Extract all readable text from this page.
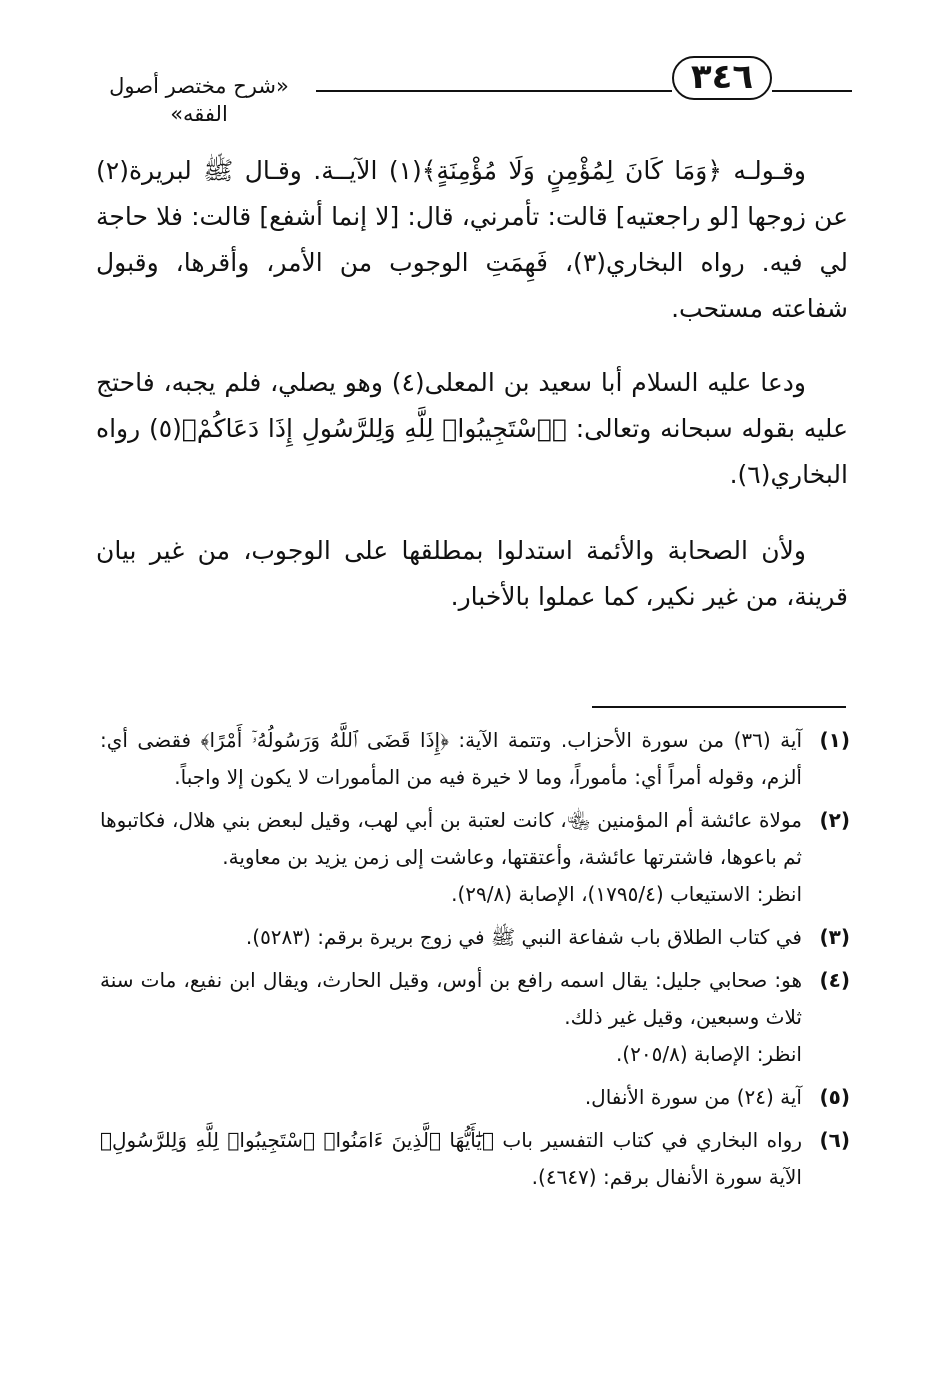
٣٤٦
«شرح مختصر أصول الفقه»

وقـولـه ﴿وَمَا كَانَ لِمُؤْمِنٍ وَلَا مُؤْمِنَةٍ﴾(١) الآيــة. وقـال ﷺ لبريرة(٢) عن زوجها [لو راجعتيه] قالت: تأمرني، قال: [لا إنما أشفع] قالت: فلا حاجة لي فيه. رواه البخاري(٣)، فَهِمَتِ الوجوب من الأمر، وأقرها، وقبول شفاعته مستحب.

ودعا عليه السلام أبا سعيد بن المعلى(٤) وهو يصلي، فلم يجبه، فاحتج عليه بقوله سبحانه وتعالى: ﴿ٱسْتَجِيبُوا۟ لِلَّهِ وَلِلرَّسُولِ إِذَا دَعَاكُمْ﴾(٥) رواه البخاري(٦).

ولأن الصحابة والأئمة استدلوا بمطلقها على الوجوب، من غير بيان قرينة، من غير نكير، كما عملوا بالأخبار.

(١)
آية (٣٦) من سورة الأحزاب. وتتمة الآية: ﴿إِذَا قَضَى ٱللَّهُ وَرَسُولُهُۥٓ أَمْرًا﴾ فقضى أي: ألزم، وقوله أمراً أي: مأموراً، وما لا خيرة فيه من المأمورات لا يكون إلا واجباً.
(٢)
مولاة عائشة أم المؤمنين ﵄، كانت لعتبة بن أبي لهب، وقيل لبعض بني هلال، فكاتبوها ثم باعوها، فاشترتها عائشة، وأعتقتها، وعاشت إلى زمن يزيد بن معاوية.
انظر: الاستيعاب (١٧٩٥/٤)، الإصابة (٢٩/٨).
(٣)
في كتاب الطلاق باب شفاعة النبي ﷺ في زوج بريرة برقم: (٥٢٨٣).
(٤)
هو: صحابي جليل: يقال اسمه رافع بن أوس، وقيل الحارث، ويقال ابن نفيع، مات سنة ثلاث وسبعين، وقيل غير ذلك.
انظر: الإصابة (٢٠٥/٨).
(٥)
آية (٢٤) من سورة الأنفال.
(٦)
رواه البخاري في كتاب التفسير باب ﴿يَٰٓأَيُّهَا ٱلَّذِينَ ءَامَنُوا۟ ٱسْتَجِيبُوا۟ لِلَّهِ وَلِلرَّسُولِ﴾ الآية سورة الأنفال برقم: (٤٦٤٧).
